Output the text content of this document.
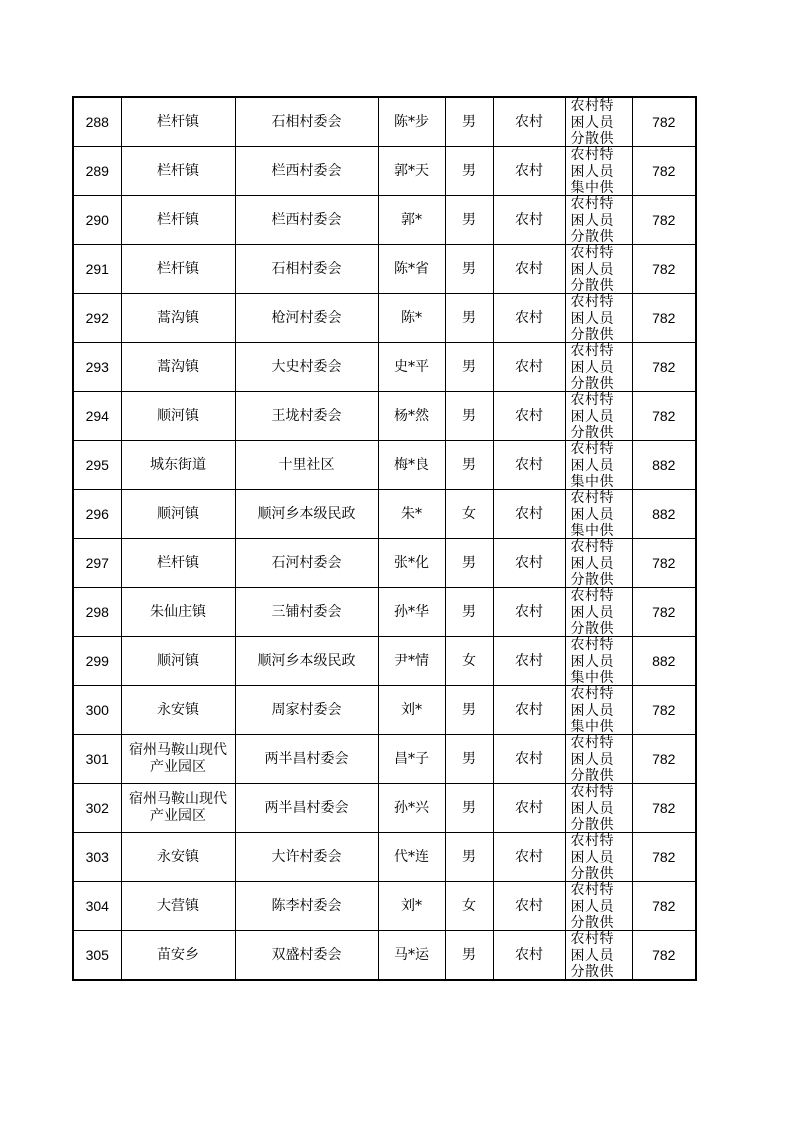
288	栏杆镇	石相村委会	陈*步	男	农村	农村特困人员分散供	782
289	栏杆镇	栏西村委会	郭*天	男	农村	农村特困人员集中供	782
290	栏杆镇	栏西村委会	郭*	男	农村	农村特困人员分散供	782
291	栏杆镇	石相村委会	陈*省	男	农村	农村特困人员分散供	782
292	蒿沟镇	枪河村委会	陈*	男	农村	农村特困人员分散供	782
293	蒿沟镇	大史村委会	史*平	男	农村	农村特困人员分散供	782
294	顺河镇	王垅村委会	杨*然	男	农村	农村特困人员分散供	782
295	城东街道	十里社区	梅*良	男	农村	农村特困人员集中供	882
296	顺河镇	顺河乡本级民政	朱*	女	农村	农村特困人员集中供	882
297	栏杆镇	石河村委会	张*化	男	农村	农村特困人员分散供	782
298	朱仙庄镇	三铺村委会	孙*华	男	农村	农村特困人员分散供	782
299	顺河镇	顺河乡本级民政	尹*情	女	农村	农村特困人员集中供	882
300	永安镇	周家村委会	刘*	男	农村	农村特困人员集中供	782
301	宿州马鞍山现代产业园区	两半昌村委会	昌*子	男	农村	农村特困人员分散供	782
302	宿州马鞍山现代产业园区	两半昌村委会	孙*兴	男	农村	农村特困人员分散供	782
303	永安镇	大许村委会	代*连	男	农村	农村特困人员分散供	782
304	大营镇	陈李村委会	刘*	女	农村	农村特困人员分散供	782
305	苗安乡	双盛村委会	马*运	男	农村	农村特困人员分散供	782
